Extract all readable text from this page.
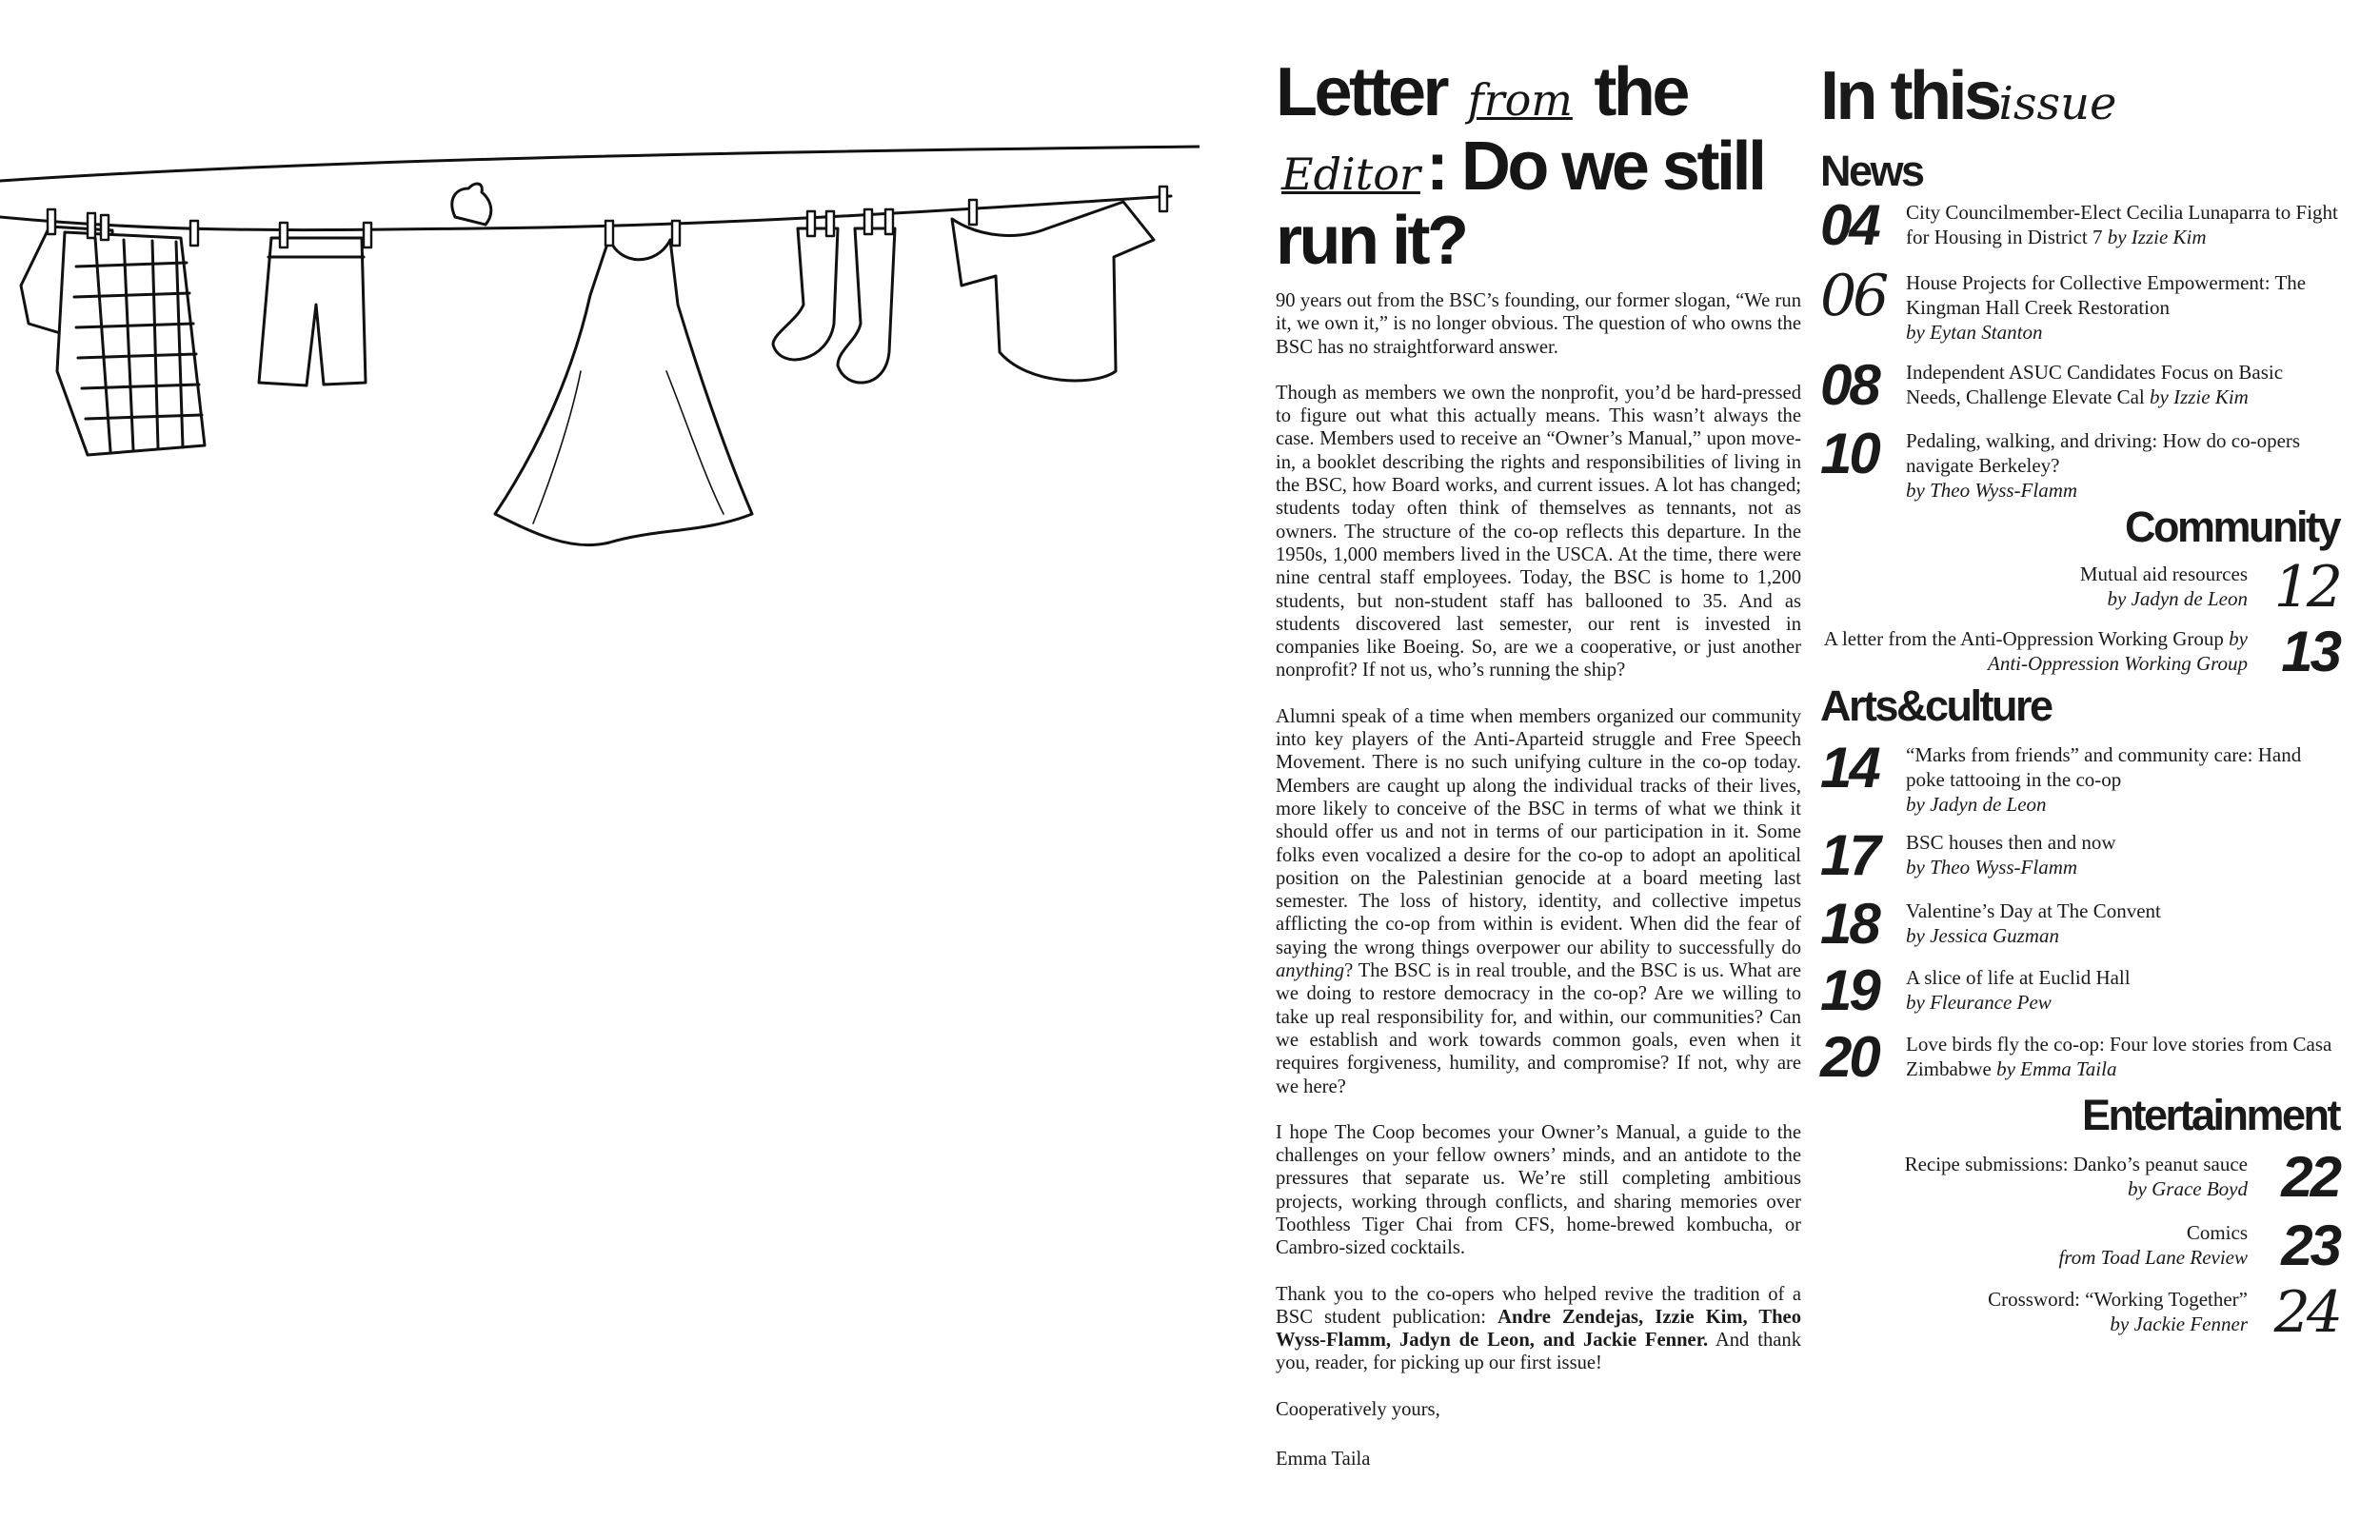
Letter from the Editor: Do we still run it?

90 years out from the BSC’s founding, our former slogan, “We run it, we own it,” is no longer obvious. The question of who owns the BSC has no straightforward answer.

Though as members we own the nonprofit, you’d be hard-pressed to figure out what this actually means. This wasn’t always the case. Members used to receive an “Owner’s Manual,” upon move-in, a booklet describing the rights and responsibilities of living in the BSC, how Board works, and current issues. A lot has changed; students today often think of themselves as tennants, not as owners. The structure of the co-op reflects this departure. In the 1950s, 1,000 members lived in the USCA. At the time, there were nine central staff employees. Today, the BSC is home to 1,200 students, but non-student staff has ballooned to 35. And as students discovered last semester, our rent is invested in companies like Boeing. So, are we a cooperative, or just another nonprofit? If not us, who’s running the ship?

Alumni speak of a time when members organized our community into key players of the Anti-Aparteid struggle and Free Speech Movement. There is no such unifying culture in the co-op today. Members are caught up along the individual tracks of their lives, more likely to conceive of the BSC in terms of what we think it should offer us and not in terms of our participation in it. Some folks even vocalized a desire for the co-op to adopt an apolitical position on the Palestinian genocide at a board meeting last semester. The loss of history, identity, and collective impetus afflicting the co-op from within is evident. When did the fear of saying the wrong things overpower our ability to successfully do anything? The BSC is in real trouble, and the BSC is us. What are we doing to restore democracy in the co-op? Are we willing to take up real responsibility for, and within, our communities? Can we establish and work towards common goals, even when it requires forgiveness, humility, and compromise? If not, why are we here?

I hope The Coop becomes your Owner’s Manual, a guide to the challenges on your fellow owners’ minds, and an antidote to the pressures that separate us. We’re still completing ambitious projects, working through conflicts, and sharing memories over Toothless Tiger Chai from CFS, home-brewed kombucha, or Cambro-sized cocktails.

Thank you to the co-opers who helped revive the tradition of a BSC student publication: Andre Zendejas, Izzie Kim, Theo Wyss-Flamm, Jadyn de Leon, and Jackie Fenner. And thank you, reader, for picking up our first issue!

Cooperatively yours,

Emma Taila

In thisissue
News
04	City Councilmember-Elect Cecilia Lunaparra to Fight for Housing in District 7 by Izzie Kim
06	House Projects for Collective Empowerment: The Kingman Hall Creek Restoration
by Eytan Stanton
08	Independent ASUC Candidates Focus on Basic Needs, Challenge Elevate Cal by Izzie Kim
10	Pedaling, walking, and driving: How do co-opers navigate Berkeley?
by Theo Wyss-Flamm
Community
Mutual aid resources
by Jadyn de Leon 12
A letter from the Anti-Oppression Working Group by Anti-Oppression Working Group 13
Arts&culture
14	“Marks from friends” and community care: Hand poke tattooing in the co-op
by Jadyn de Leon
17	BSC houses then and now
by Theo Wyss-Flamm
18	Valentine’s Day at The Convent
by Jessica Guzman
19	A slice of life at Euclid Hall
by Fleurance Pew
20	Love birds fly the co-op: Four love stories from Casa Zimbabwe by Emma Taila
Entertainment
Recipe submissions: Danko’s peanut sauce
by Grace Boyd 22
Comics
from Toad Lane Review 23
Crossword: “Working Together”
by Jackie Fenner 24
